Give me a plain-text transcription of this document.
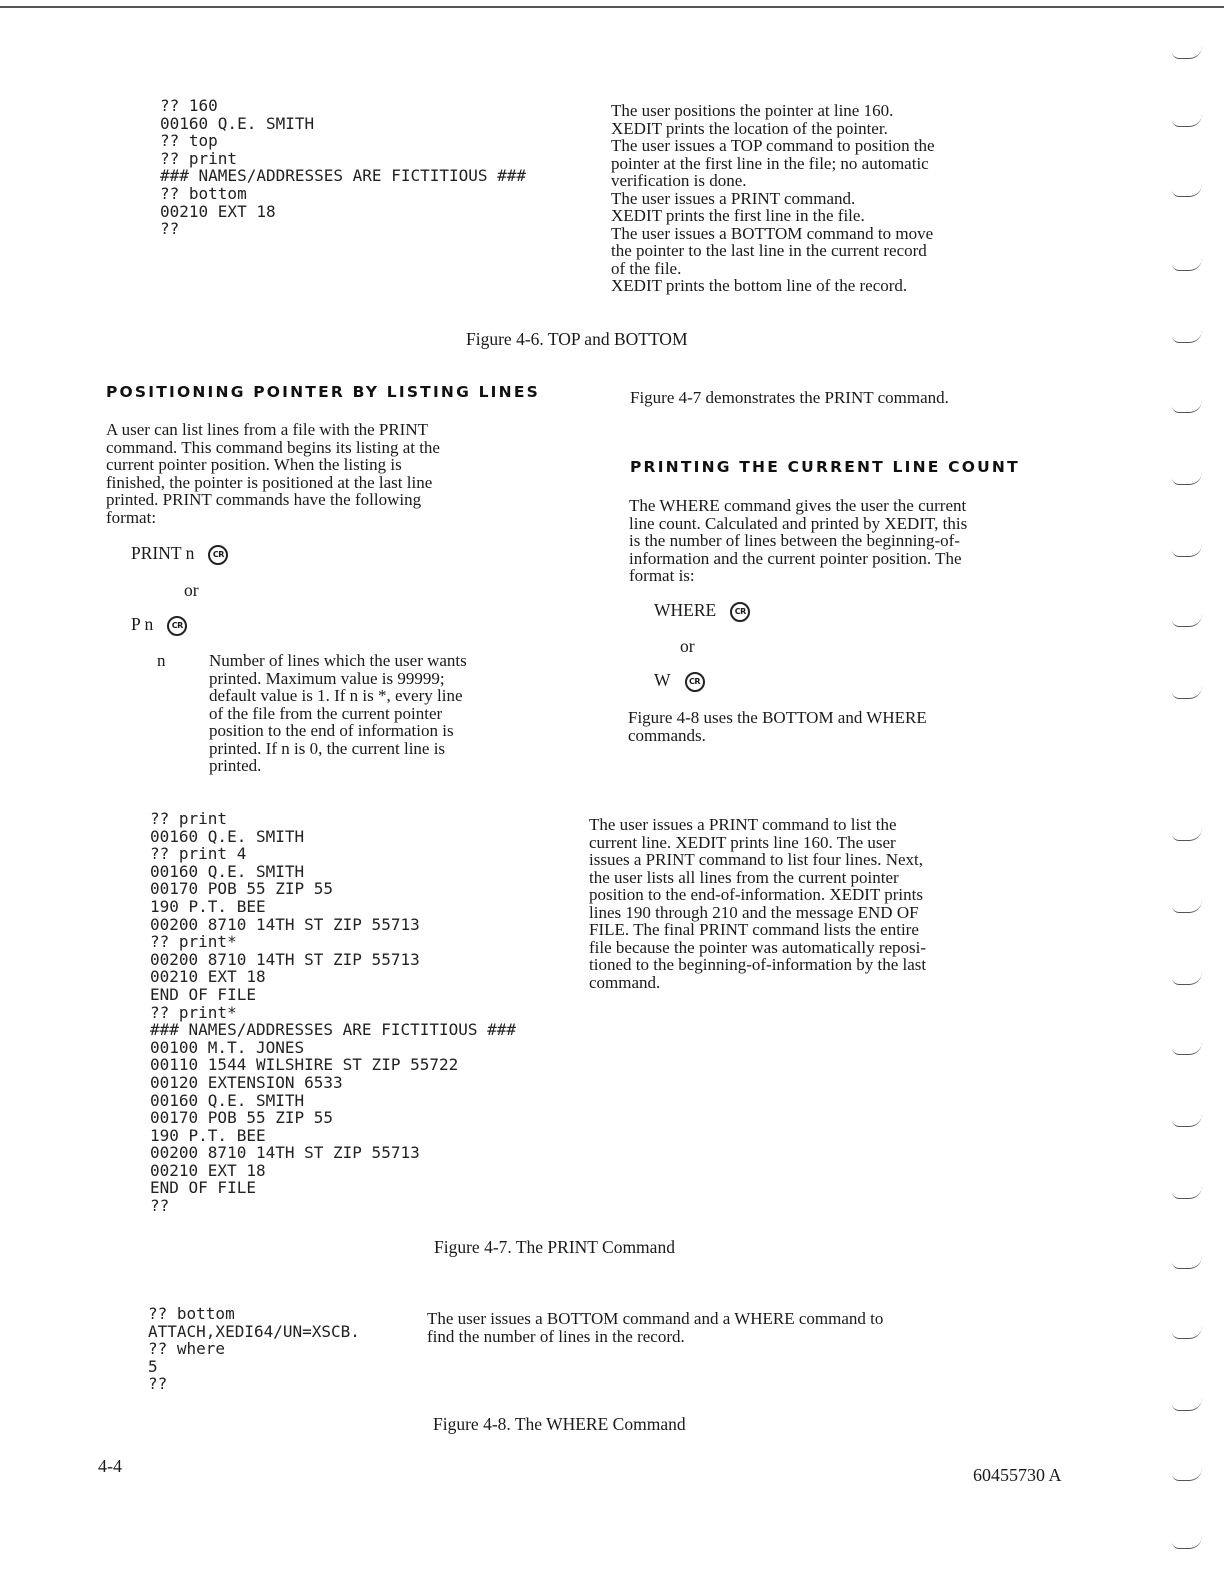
?? 160
00160 Q.E. SMITH
?? top
?? print
### NAMES/ADDRESSES ARE FICTITIOUS ###
?? bottom
00210 EXT 18
??
The user positions the pointer at line 160.
XEDIT prints the location of the pointer.
The user issues a TOP command to position the
pointer at the first line in the file; no automatic
verification is done.
The user issues a PRINT command.
XEDIT prints the first line in the file.
The user issues a BOTTOM command to move
the pointer to the last line in the current record
of the file.
XEDIT prints the bottom line of the record.
Figure 4-6. TOP and BOTTOM
POSITIONING POINTER BY LISTING LINES
A user can list lines from a file with the PRINT
command. This command begins its listing at the
current pointer position. When the listing is
finished, the pointer is positioned at the last line
printed. PRINT commands have the following
format:
PRINT n CR
or
P n CR
n	Number of lines which the user wants
printed. Maximum value is 99999;
default value is 1. If n is *, every line
of the file from the current pointer
position to the end of information is
printed. If n is 0, the current line is
printed.
Figure 4-7 demonstrates the PRINT command.
PRINTING THE CURRENT LINE COUNT
The WHERE command gives the user the current
line count. Calculated and printed by XEDIT, this
is the number of lines between the beginning-of-
information and the current pointer position. The
format is:
WHERE CR
or
W CR
Figure 4-8 uses the BOTTOM and WHERE
commands.
?? print
00160 Q.E. SMITH
?? print 4
00160 Q.E. SMITH
00170 POB 55 ZIP 55
190 P.T. BEE
00200 8710 14TH ST ZIP 55713
?? print*
00200 8710 14TH ST ZIP 55713
00210 EXT 18
END OF FILE
?? print*
### NAMES/ADDRESSES ARE FICTITIOUS ###
00100 M.T. JONES
00110 1544 WILSHIRE ST ZIP 55722
00120 EXTENSION 6533
00160 Q.E. SMITH
00170 POB 55 ZIP 55
190 P.T. BEE
00200 8710 14TH ST ZIP 55713
00210 EXT 18
END OF FILE
??
The user issues a PRINT command to list the
current line. XEDIT prints line 160. The user
issues a PRINT command to list four lines. Next,
the user lists all lines from the current pointer
position to the end-of-information. XEDIT prints
lines 190 through 210 and the message END OF
FILE. The final PRINT command lists the entire
file because the pointer was automatically reposi-
tioned to the beginning-of-information by the last
command.
Figure 4-7. The PRINT Command
?? bottom
ATTACH,XEDI64/UN=XSCB.
?? where
5
??
The user issues a BOTTOM command and a WHERE command to
find the number of lines in the record.
Figure 4-8. The WHERE Command
4-4	60455730 A
